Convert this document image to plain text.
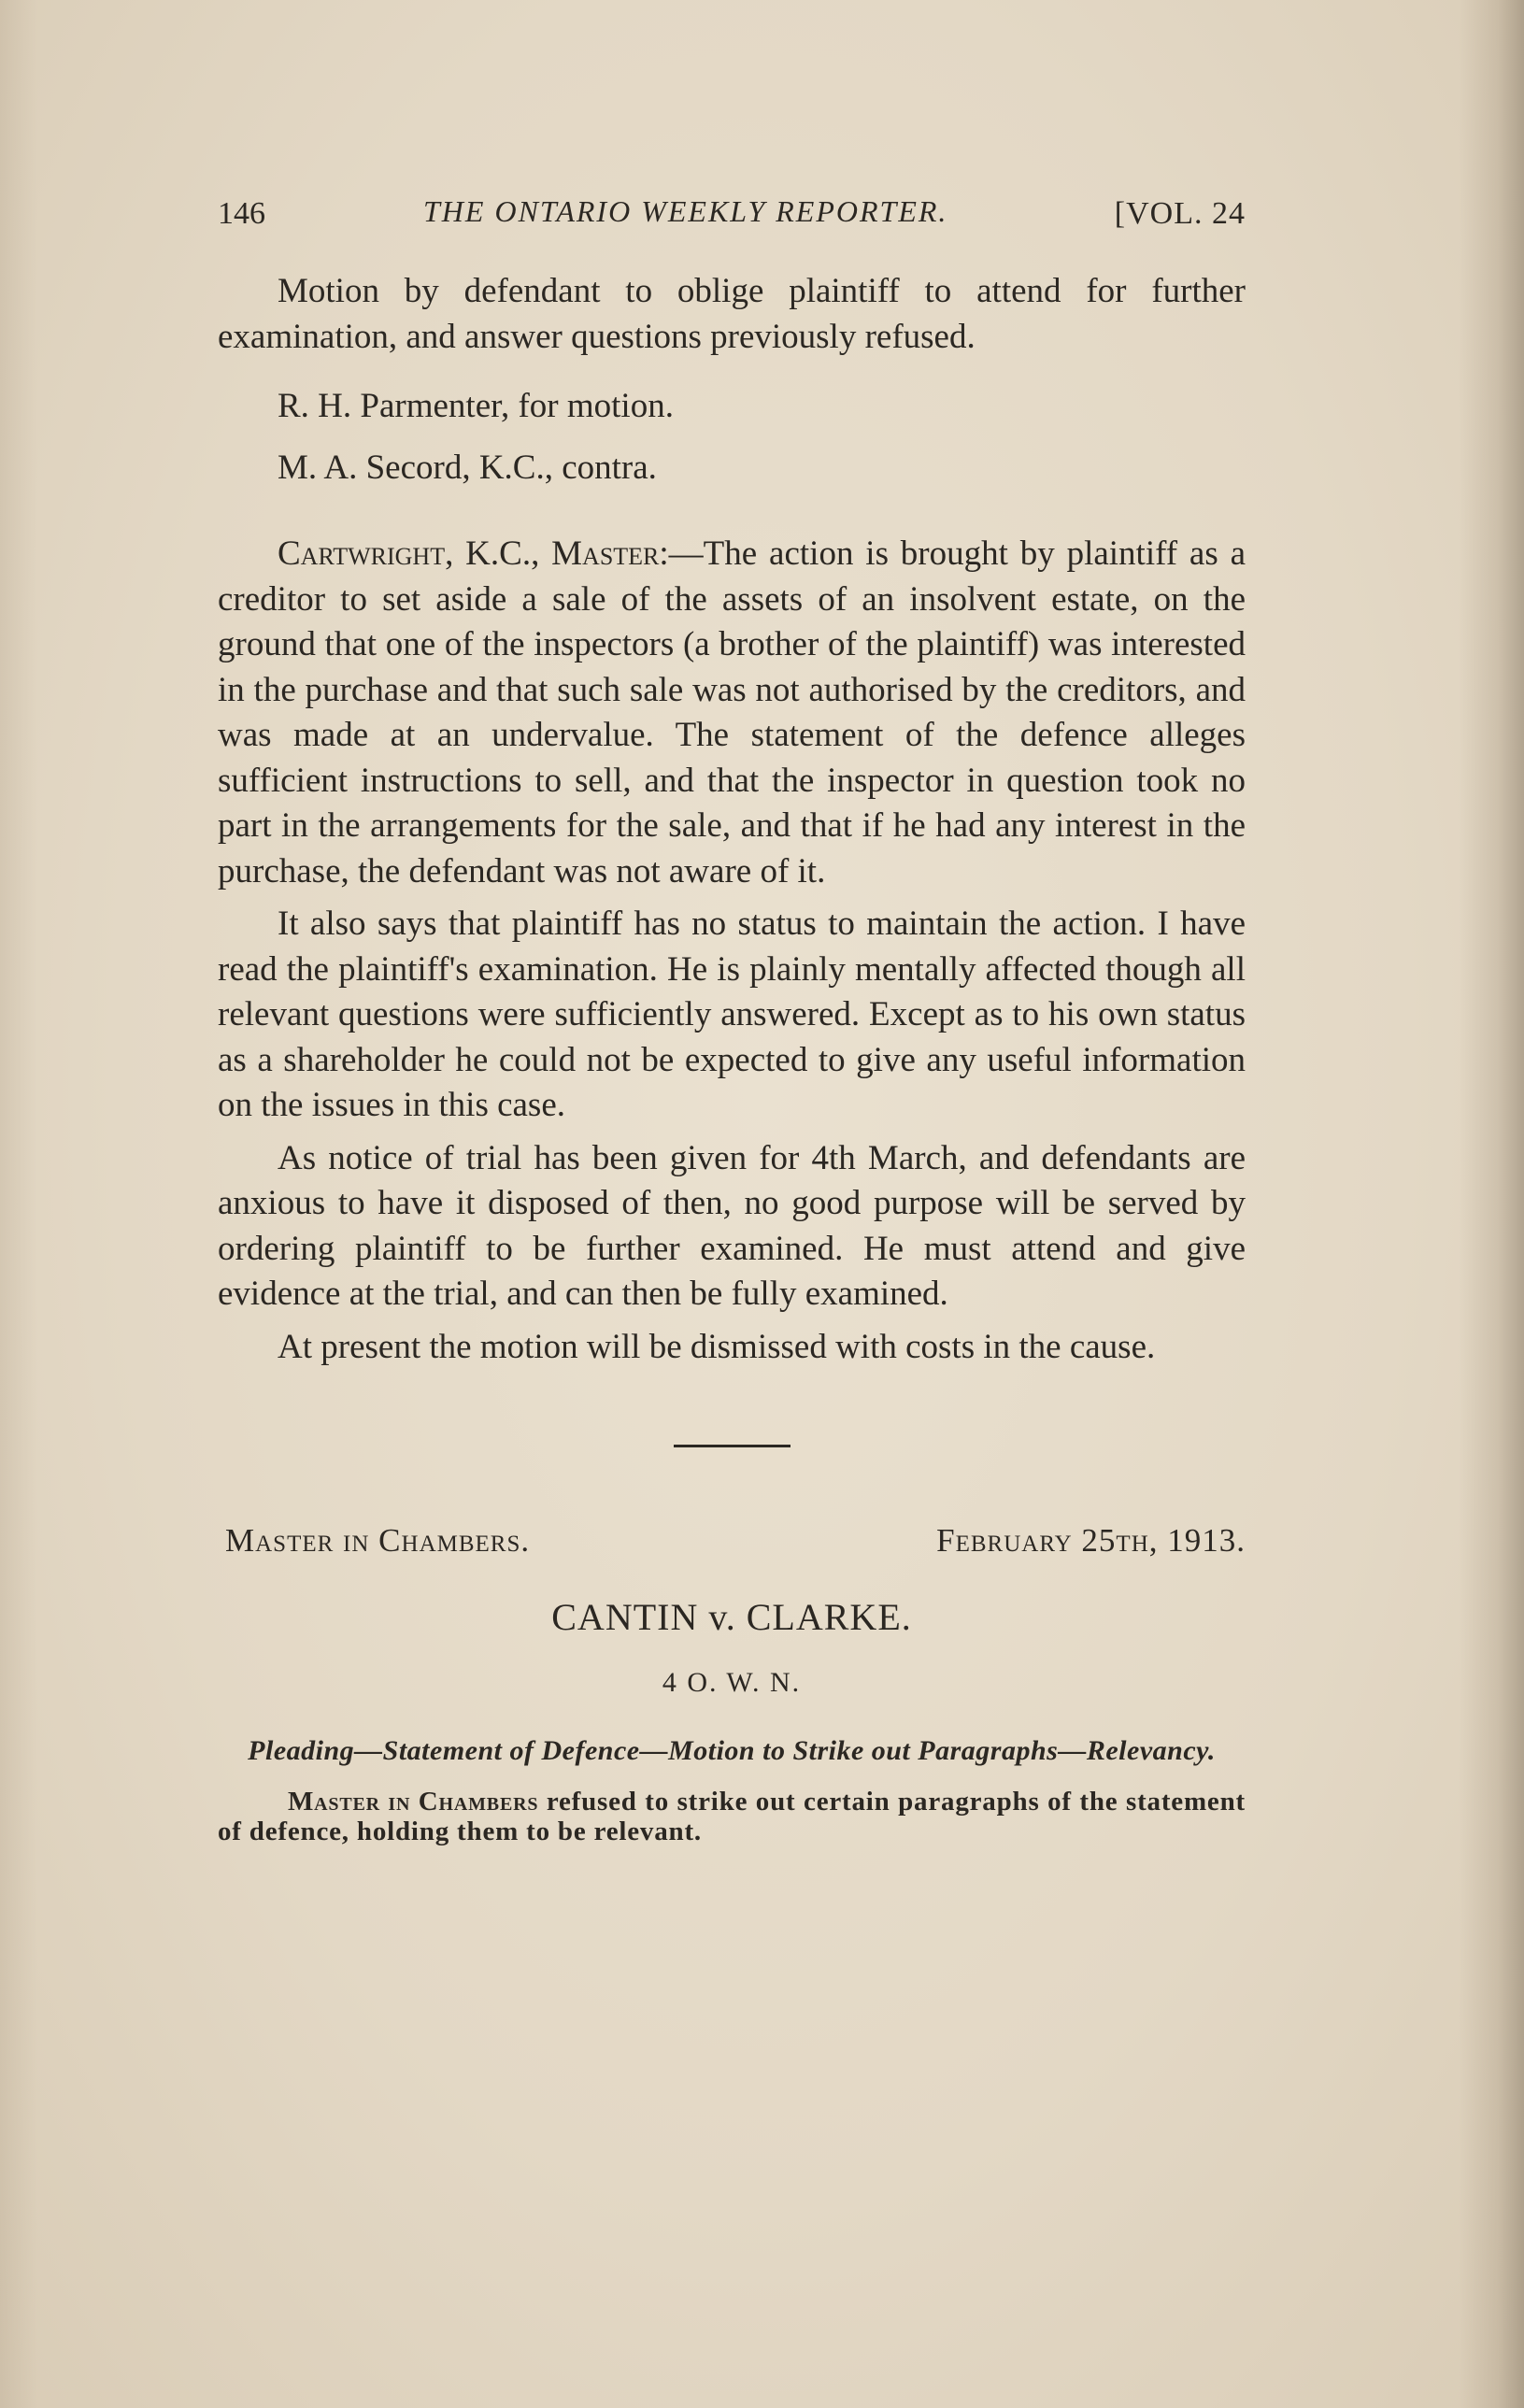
146	THE ONTARIO WEEKLY REPORTER.	[VOL. 24

Motion by defendant to oblige plaintiff to attend for further examination, and answer questions previously refused.

R. H. Parmenter, for motion.

M. A. Secord, K.C., contra.

Cartwright, K.C., Master:—The action is brought by plaintiff as a creditor to set aside a sale of the assets of an insolvent estate, on the ground that one of the inspectors (a brother of the plaintiff) was interested in the purchase and that such sale was not authorised by the creditors, and was made at an undervalue. The statement of the defence alleges sufficient instructions to sell, and that the inspector in question took no part in the arrangements for the sale, and that if he had any interest in the purchase, the defendant was not aware of it.

It also says that plaintiff has no status to maintain the action. I have read the plaintiff's examination. He is plainly mentally affected though all relevant questions were sufficiently answered. Except as to his own status as a shareholder he could not be expected to give any useful information on the issues in this case.

As notice of trial has been given for 4th March, and defendants are anxious to have it disposed of then, no good purpose will be served by ordering plaintiff to be further examined. He must attend and give evidence at the trial, and can then be fully examined.

At present the motion will be dismissed with costs in the cause.

Master in Chambers.	February 25th, 1913.
CANTIN v. CLARKE.
4 O. W. N.
Pleading—Statement of Defence—Motion to Strike out Paragraphs—Relevancy.

Master in Chambers refused to strike out certain paragraphs of the statement of defence, holding them to be relevant.
